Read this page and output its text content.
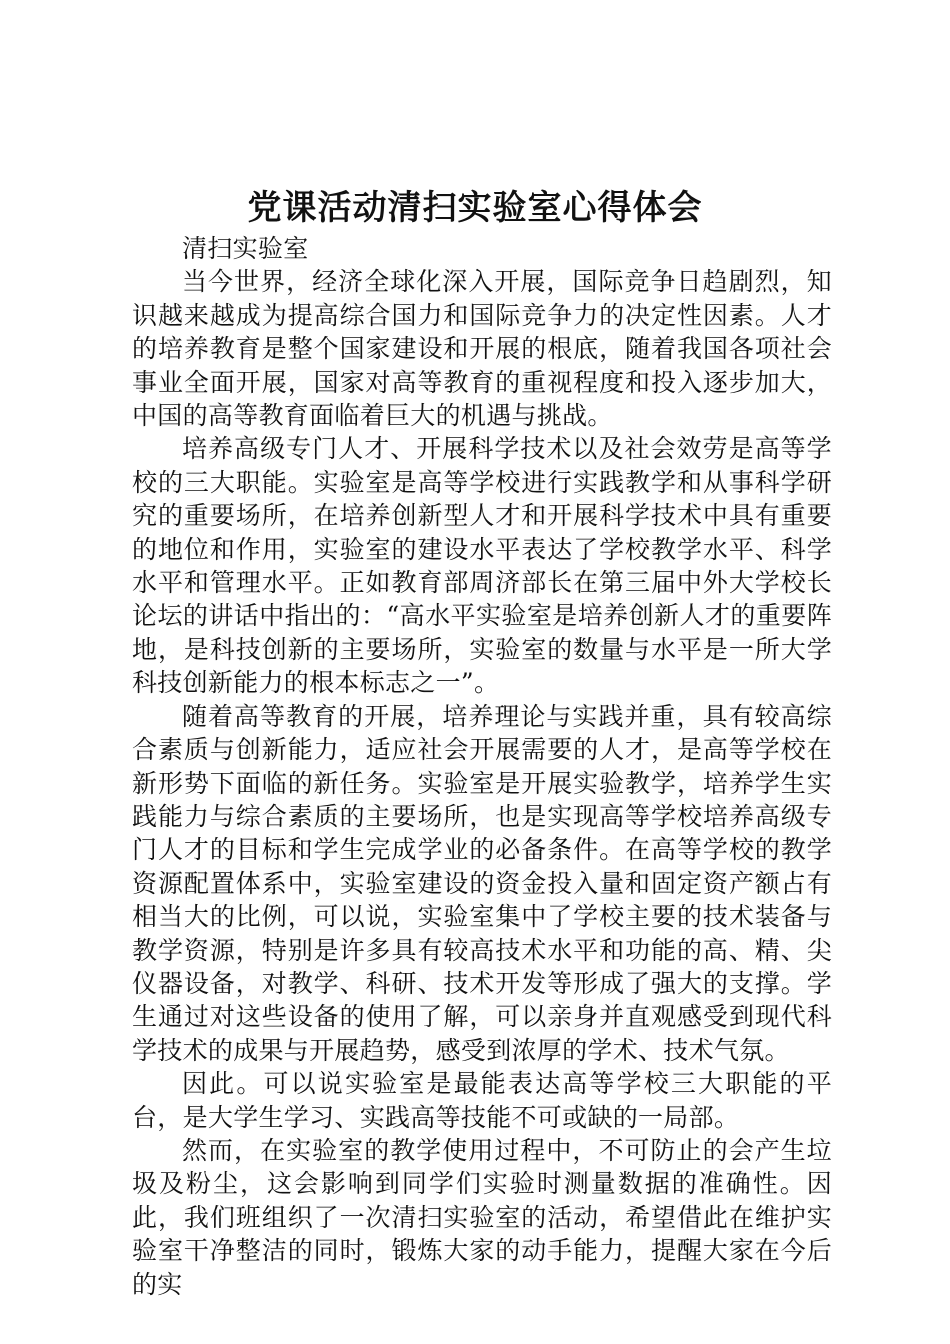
党课活动清扫实验室心得体会

清扫实验室

当今世界，经济全球化深入开展，国际竞争日趋剧烈，知识越来越成为提高综合国力和国际竞争力的决定性因素。人才的培养教育是整个国家建设和开展的根底，随着我国各项社会事业全面开展，国家对高等教育的重视程度和投入逐步加大，中国的高等教育面临着巨大的机遇与挑战。

培养高级专门人才、开展科学技术以及社会效劳是高等学校的三大职能。实验室是高等学校进行实践教学和从事科学研究的重要场所，在培养创新型人才和开展科学技术中具有重要的地位和作用，实验室的建设水平表达了学校教学水平、科学水平和管理水平。正如教育部周济部长在第三届中外大学校长论坛的讲话中指出的：“高水平实验室是培养创新人才的重要阵地，是科技创新的主要场所，实验室的数量与水平是一所大学科技创新能力的根本标志之一”。

随着高等教育的开展，培养理论与实践并重，具有较高综合素质与创新能力，适应社会开展需要的人才，是高等学校在新形势下面临的新任务。实验室是开展实验教学，培养学生实践能力与综合素质的主要场所，也是实现高等学校培养高级专门人才的目标和学生完成学业的必备条件。在高等学校的教学资源配置体系中，实验室建设的资金投入量和固定资产额占有相当大的比例，可以说，实验室集中了学校主要的技术装备与教学资源，特别是许多具有较高技术水平和功能的高、精、尖仪器设备，对教学、科研、技术开发等形成了强大的支撑。学生通过对这些设备的使用了解，可以亲身并直观感受到现代科学技术的成果与开展趋势，感受到浓厚的学术、技术气氛。

因此。可以说实验室是最能表达高等学校三大职能的平台，是大学生学习、实践高等技能不可或缺的一局部。

然而，在实验室的教学使用过程中，不可防止的会产生垃圾及粉尘，这会影响到同学们实验时测量数据的准确性。因此，我们班组织了一次清扫实验室的活动，希望借此在维护实验室干净整洁的同时，锻炼大家的动手能力，提醒大家在今后的实
